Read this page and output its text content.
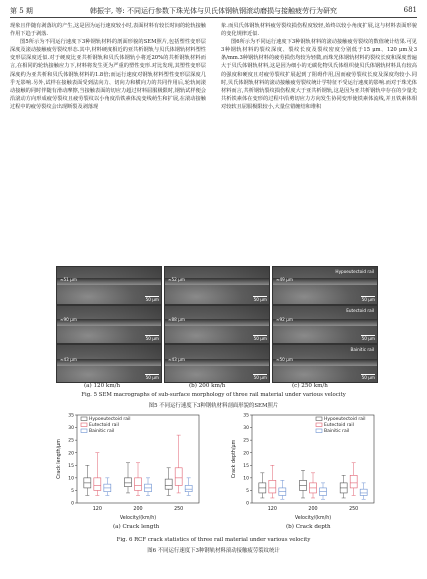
第 5 期	韩振宇, 等: 不同运行参数下珠光体与贝氏体钢轨钢滚动磨损与接触疲劳行为研究	681

现象且伴随有剥落坑的产生,这是因为运行速度较小时,表面材料有较长时间的轮轨接触作用下趋于剥落.

图5所示为不同运行速度下3种钢轨材料的剖面形貌的SEM照片,包括塑性变形层深度及滚动接触疲劳裂纹形态.其中,材料硬度相近的亚共析钢轨与贝氏体钢轨材料塑性变形层深度近似.对于硬度比亚共析钢轨和贝氏体钢轨小将近20%的共析钢轨材料而言,在相同的轮轨接触应力下,材料将发生更为严重的塑性变形.对比发现,其塑性变形层深度约为亚共析和贝氏体钢轨材料的1.8倍;而运行速度对钢轨材料塑性变形层深度几乎无影响.另外,试样在接触表面受到法向力、切向力和横向力的共同作用后,轮轨间滚动接触的同时伴随有滑动摩擦,当接触表面的切应力超过材料屈服极限时,钢轨试样便会沿滚动方向形成疲劳裂纹且疲劳裂纹以小角度沿铁素体流变线萌生和扩展,在滚动接触过程中的疲劳裂纹会出现断裂及剥落现

象.而贝氏体钢轨材料疲劳裂纹损伤程度较轻,始终以较小角度扩展,这与材料表面形貌的变化规律近似.

图6所示为不同运行速度下3种钢轨材料的滚动接触疲劳裂纹的数值统计结果.可见3种钢轨材料的裂纹深度、裂纹长度及裂纹密度分别低于15 μm、120 μm及3条/mm.3种钢轨材料的疲劳损伤均较为轻微,而珠光体钢轨材料的裂纹长度和深度普遍大于贝氏体钢轨材料,这是因为细小的无碳化物贝氏体组织使贝氏体钢轨材料具有较高的强度和硬度且对疲劳裂纹扩展起到了阻碍作用,因而疲劳裂纹长度及深度均较小.同时,贝氏体钢轨材料的滚动接触疲劳裂纹统计学特征不受运行速度的影响.而对于珠光体材料而言,共析钢轨裂纹损伤程度大于亚共析钢轨,这是因为亚共析钢轨中存在的少量先共析铁素体在变形的过程中沿剪切应力方向发生协同变形使铁素体流线,并且铁素体相对较软且屈服极限较小,大量位错缠结和堆积

≈51 μm
50 μm
≈52 μm
50 μm
≈49 μm
Hypoeutectoid rail
50 μm
≈90 μm
50 μm
≈88 μm
50 μm
≈92 μm
Eutectoid rail
50 μm
≈43 μm
50 μm
≈43 μm
50 μm
≈50 μm
Bainitic rail
50 μm
(a) 120 km/h	(b) 200 km/h	(c) 250 km/h
Fig. 5 SEM macrographs of sub-surface morphology of three rail material under various velocity
图5 不同运行速度下3种钢轨材料剖面形貌的SEM照片
0
5
10
15
20
25
30
35
Crack length/μm
120	200	250
Velocity/(km/h)
Hypoeutectoid rail
Eutectoid rail
Bainitic rail
0
5
10
15
20
25
30
35
Crack depth/μm
120	200	250
Velocity/(km/h)
Hypoeutectoid rail
Eutectoid rail
Bainitic rail
(a) Crack length	(b) Crack depth
Fig. 6 RCF crack statistics of three rail material under various velocity
图6 不同运行速度下3种钢轨材料滚动接触疲劳裂纹统计
